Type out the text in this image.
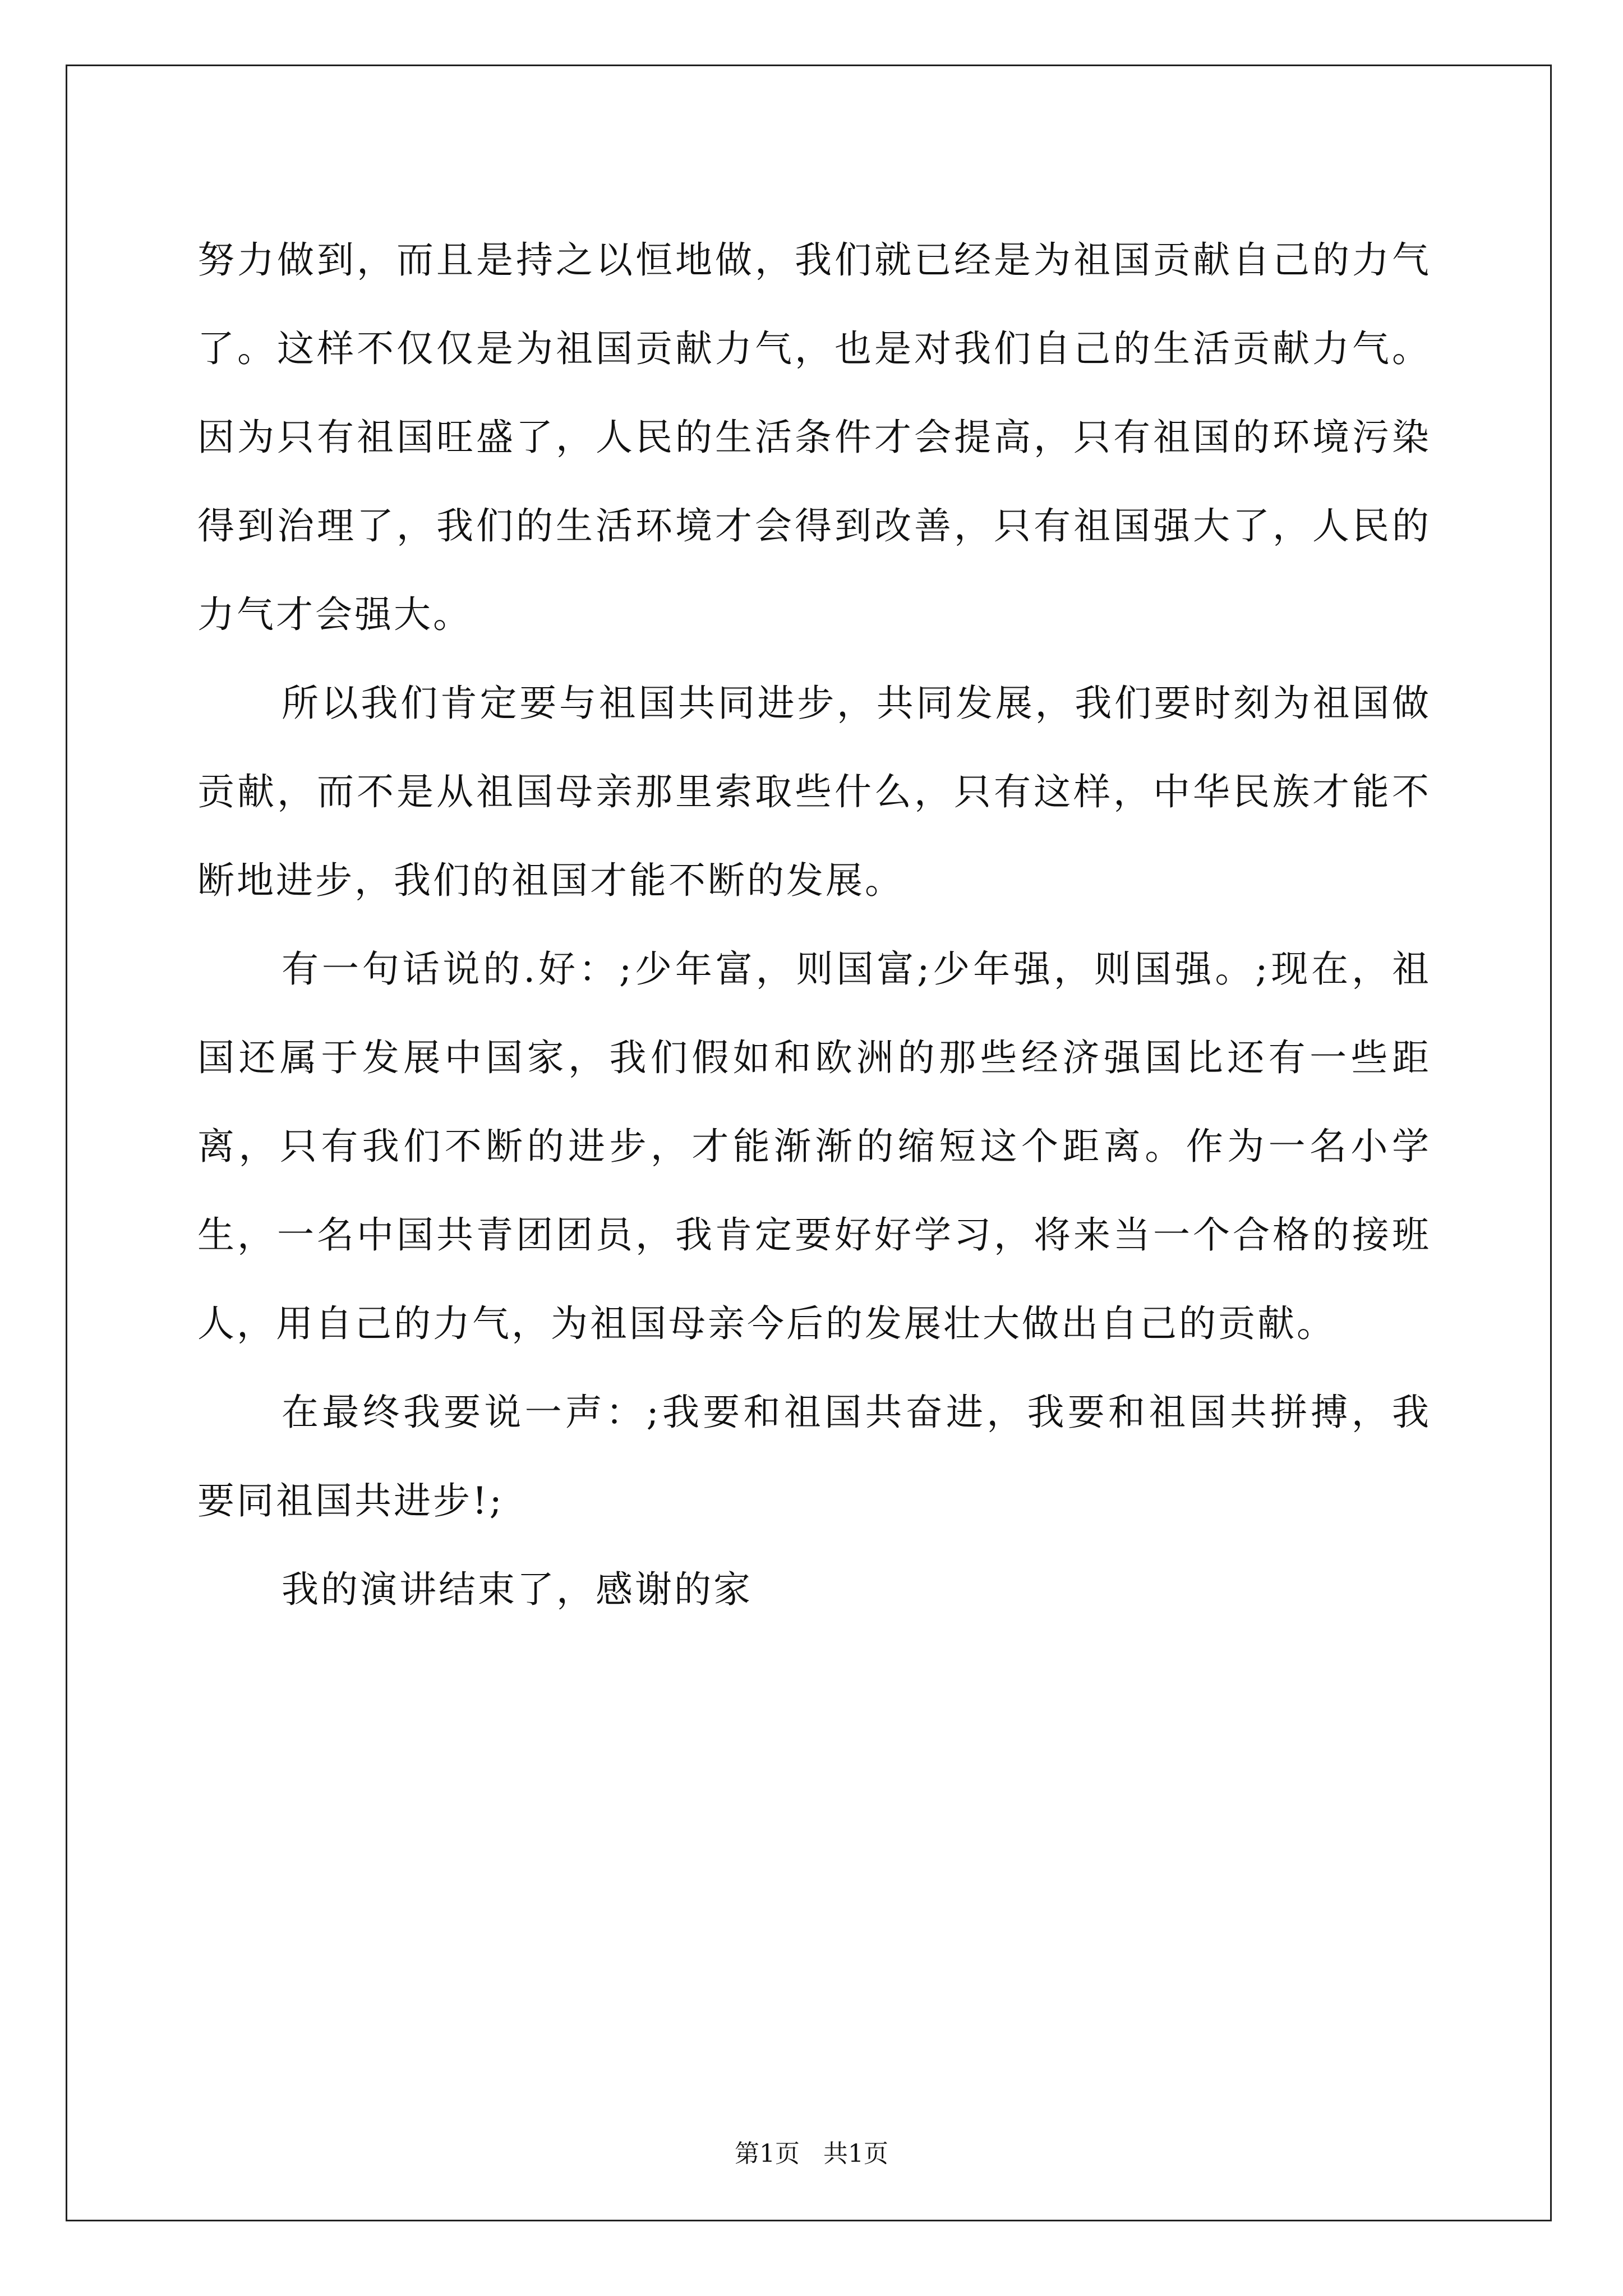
努力做到，而且是持之以恒地做，我们就已经是为祖国贡献自己的力气了。这样不仅仅是为祖国贡献力气，也是对我们自己的生活贡献力气。因为只有祖国旺盛了，人民的生活条件才会提高，只有祖国的环境污染得到治理了，我们的生活环境才会得到改善，只有祖国强大了，人民的力气才会强大。

所以我们肯定要与祖国共同进步，共同发展，我们要时刻为祖国做贡献，而不是从祖国母亲那里索取些什么，只有这样，中华民族才能不断地进步，我们的祖国才能不断的发展。

有一句话说的.好：;少年富，则国富;少年强，则国强。;现在，祖国还属于发展中国家，我们假如和欧洲的那些经济强国比还有一些距离，只有我们不断的进步，才能渐渐的缩短这个距离。作为一名小学生，一名中国共青团团员，我肯定要好好学习，将来当一个合格的接班人，用自己的力气，为祖国母亲今后的发展壮大做出自己的贡献。

在最终我要说一声：;我要和祖国共奋进，我要和祖国共拼搏，我要同祖国共进步!;

我的演讲结束了，感谢的家

第1页   共1页
